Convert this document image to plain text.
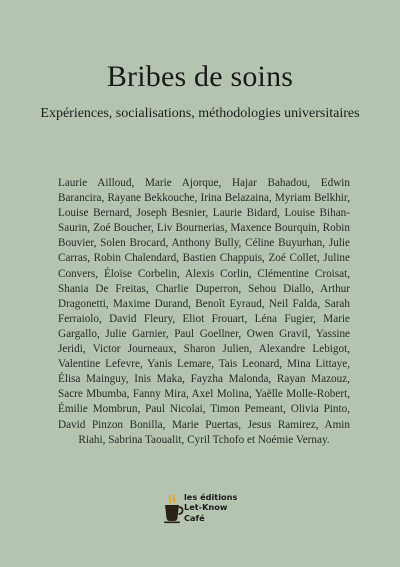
Bribes de soins
Expériences, socialisations, méthodologies universitaires

Laurie Ailloud, Marie Ajorque, Hajar Bahadou, Edwin Barancira, Rayane Bekkouche, Irina Belazaina, Myriam Belkhir, Louise Bernard, Joseph Besnier, Laurie Bidard, Louise Bihan-Saurin, Zoé Boucher, Liv Bournerias, Maxence Bourquin, Robin Bouvier, Solen Brocard, Anthony Bully, Céline Buyurhan, Julie Carras, Robin Chalendard, Bastien Chappuis, Zoé Collet, Juline Convers, Éloïse Corbelin, Alexis Corlin, Clémentine Croisat, Shania De Freitas, Charlie Duperron, Sehou Diallo, Arthur Dragonetti, Maxime Durand, Benoît Eyraud, Neil Falda, Sarah Ferraiolo, David Fleury, Eliot Frouart, Léna Fugier, Marie Gargallo, Julie Garnier, Paul Goellner, Owen Gravil, Yassine Jeridi, Victor Journeaux, Sharon Julien, Alexandre Lebigot, Valentine Lefevre, Yanis Lemare, Tais Leonard, Mina Littaye, Élisa Mainguy, Inis Maka, Fayzha Malonda, Rayan Mazouz, Sacre Mbumba, Fanny Mira, Axel Molina, Yaëlle Molle-Robert, Émilie Mombrun, Paul Nicolai, Timon Pemeant, Olivia Pinto, David Pinzon Bonilla, Marie Puertas, Jesus Ramirez, Amin Riahi, Sabrina Taoualit, Cyril Tchofo et Noémie Vernay.

les éditions
Let-Know
Café
